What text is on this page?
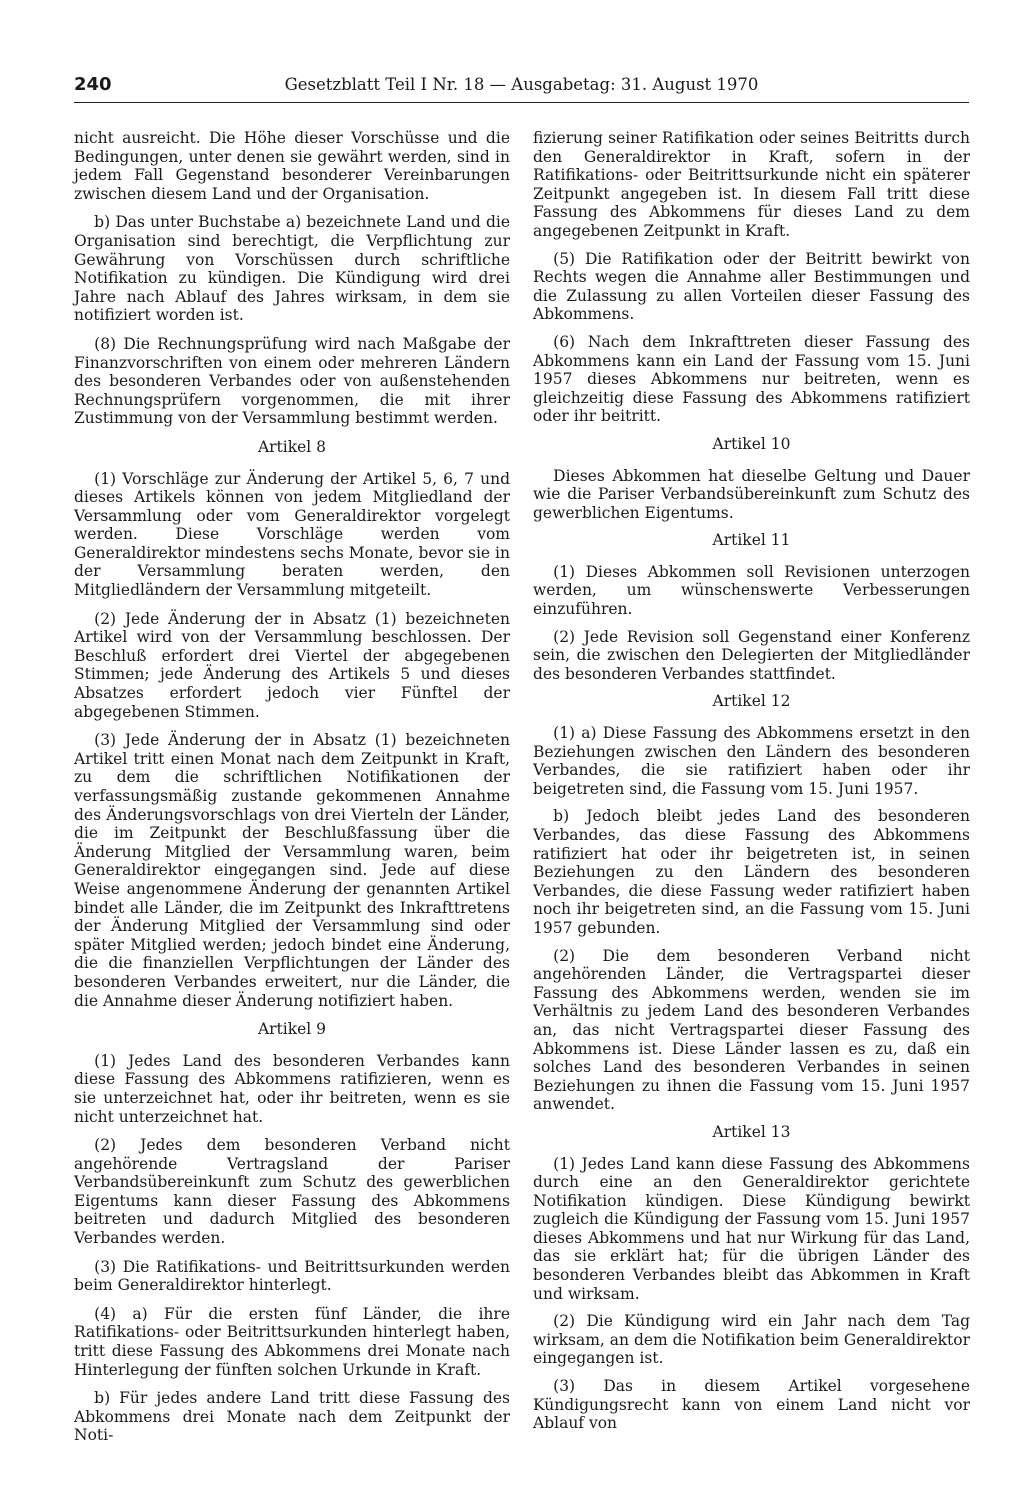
240	Gesetzblatt Teil I Nr. 18 — Ausgabetag: 31. August 1970

nicht ausreicht. Die Höhe dieser Vorschüsse und die Bedingungen, unter denen sie gewährt werden, sind in jedem Fall Gegenstand besonderer Vereinbarungen zwischen diesem Land und der Organisation.

b) Das unter Buchstabe a) bezeichnete Land und die Organisation sind berechtigt, die Verpflichtung zur Gewährung von Vorschüssen durch schriftliche Notifikation zu kündigen. Die Kündigung wird drei Jahre nach Ablauf des Jahres wirksam, in dem sie notifiziert worden ist.

(8) Die Rechnungsprüfung wird nach Maßgabe der Finanzvorschriften von einem oder mehreren Ländern des besonderen Verbandes oder von außenstehenden Rechnungsprüfern vorgenommen, die mit ihrer Zustimmung von der Versammlung bestimmt werden.

Artikel 8

(1) Vorschläge zur Änderung der Artikel 5, 6, 7 und dieses Artikels können von jedem Mitgliedland der Versammlung oder vom Generaldirektor vorgelegt werden. Diese Vorschläge werden vom Generaldirektor mindestens sechs Monate, bevor sie in der Versammlung beraten werden, den Mitgliedländern der Versammlung mitgeteilt.

(2) Jede Änderung der in Absatz (1) bezeichneten Artikel wird von der Versammlung beschlossen. Der Beschluß erfordert drei Viertel der abgegebenen Stimmen; jede Änderung des Artikels 5 und dieses Absatzes erfordert jedoch vier Fünftel der abgegebenen Stimmen.

(3) Jede Änderung der in Absatz (1) bezeichneten Artikel tritt einen Monat nach dem Zeitpunkt in Kraft, zu dem die schriftlichen Notifikationen der verfassungsmäßig zustande gekommenen Annahme des Änderungsvorschlags von drei Vierteln der Länder, die im Zeitpunkt der Beschlußfassung über die Änderung Mitglied der Versammlung waren, beim Generaldirektor eingegangen sind. Jede auf diese Weise angenommene Änderung der genannten Artikel bindet alle Länder, die im Zeitpunkt des Inkrafttretens der Änderung Mitglied der Versammlung sind oder später Mitglied werden; jedoch bindet eine Änderung, die die finanziellen Verpflichtungen der Länder des besonderen Verbandes erweitert, nur die Länder, die die Annahme dieser Änderung notifiziert haben.

Artikel 9

(1) Jedes Land des besonderen Verbandes kann diese Fassung des Abkommens ratifizieren, wenn es sie unterzeichnet hat, oder ihr beitreten, wenn es sie nicht unterzeichnet hat.

(2) Jedes dem besonderen Verband nicht angehörende Vertragsland der Pariser Verbandsübereinkunft zum Schutz des gewerblichen Eigentums kann dieser Fassung des Abkommens beitreten und dadurch Mitglied des besonderen Verbandes werden.

(3) Die Ratifikations- und Beitrittsurkunden werden beim Generaldirektor hinterlegt.

(4) a) Für die ersten fünf Länder, die ihre Ratifikations- oder Beitrittsurkunden hinterlegt haben, tritt diese Fassung des Abkommens drei Monate nach Hinterlegung der fünften solchen Urkunde in Kraft.

b) Für jedes andere Land tritt diese Fassung des Abkommens drei Monate nach dem Zeitpunkt der Noti-

fizierung seiner Ratifikation oder seines Beitritts durch den Generaldirektor in Kraft, sofern in der Ratifikations- oder Beitrittsurkunde nicht ein späterer Zeitpunkt angegeben ist. In diesem Fall tritt diese Fassung des Abkommens für dieses Land zu dem angegebenen Zeitpunkt in Kraft.

(5) Die Ratifikation oder der Beitritt bewirkt von Rechts wegen die Annahme aller Bestimmungen und die Zulassung zu allen Vorteilen dieser Fassung des Abkommens.

(6) Nach dem Inkrafttreten dieser Fassung des Abkommens kann ein Land der Fassung vom 15. Juni 1957 dieses Abkommens nur beitreten, wenn es gleichzeitig diese Fassung des Abkommens ratifiziert oder ihr beitritt.

Artikel 10

Dieses Abkommen hat dieselbe Geltung und Dauer wie die Pariser Verbandsübereinkunft zum Schutz des gewerblichen Eigentums.

Artikel 11

(1) Dieses Abkommen soll Revisionen unterzogen werden, um wünschenswerte Verbesserungen einzuführen.

(2) Jede Revision soll Gegenstand einer Konferenz sein, die zwischen den Delegierten der Mitgliedländer des besonderen Verbandes stattfindet.

Artikel 12

(1) a) Diese Fassung des Abkommens ersetzt in den Beziehungen zwischen den Ländern des besonderen Verbandes, die sie ratifiziert haben oder ihr beigetreten sind, die Fassung vom 15. Juni 1957.

b) Jedoch bleibt jedes Land des besonderen Verbandes, das diese Fassung des Abkommens ratifiziert hat oder ihr beigetreten ist, in seinen Beziehungen zu den Ländern des besonderen Verbandes, die diese Fassung weder ratifiziert haben noch ihr beigetreten sind, an die Fassung vom 15. Juni 1957 gebunden.

(2) Die dem besonderen Verband nicht angehörenden Länder, die Vertragspartei dieser Fassung des Abkommens werden, wenden sie im Verhältnis zu jedem Land des besonderen Verbandes an, das nicht Vertragspartei dieser Fassung des Abkommens ist. Diese Länder lassen es zu, daß ein solches Land des besonderen Verbandes in seinen Beziehungen zu ihnen die Fassung vom 15. Juni 1957 anwendet.

Artikel 13

(1) Jedes Land kann diese Fassung des Abkommens durch eine an den Generaldirektor gerichtete Notifikation kündigen. Diese Kündigung bewirkt zugleich die Kündigung der Fassung vom 15. Juni 1957 dieses Abkommens und hat nur Wirkung für das Land, das sie erklärt hat; für die übrigen Länder des besonderen Verbandes bleibt das Abkommen in Kraft und wirksam.

(2) Die Kündigung wird ein Jahr nach dem Tag wirksam, an dem die Notifikation beim Generaldirektor eingegangen ist.

(3) Das in diesem Artikel vorgesehene Kündigungsrecht kann von einem Land nicht vor Ablauf von
